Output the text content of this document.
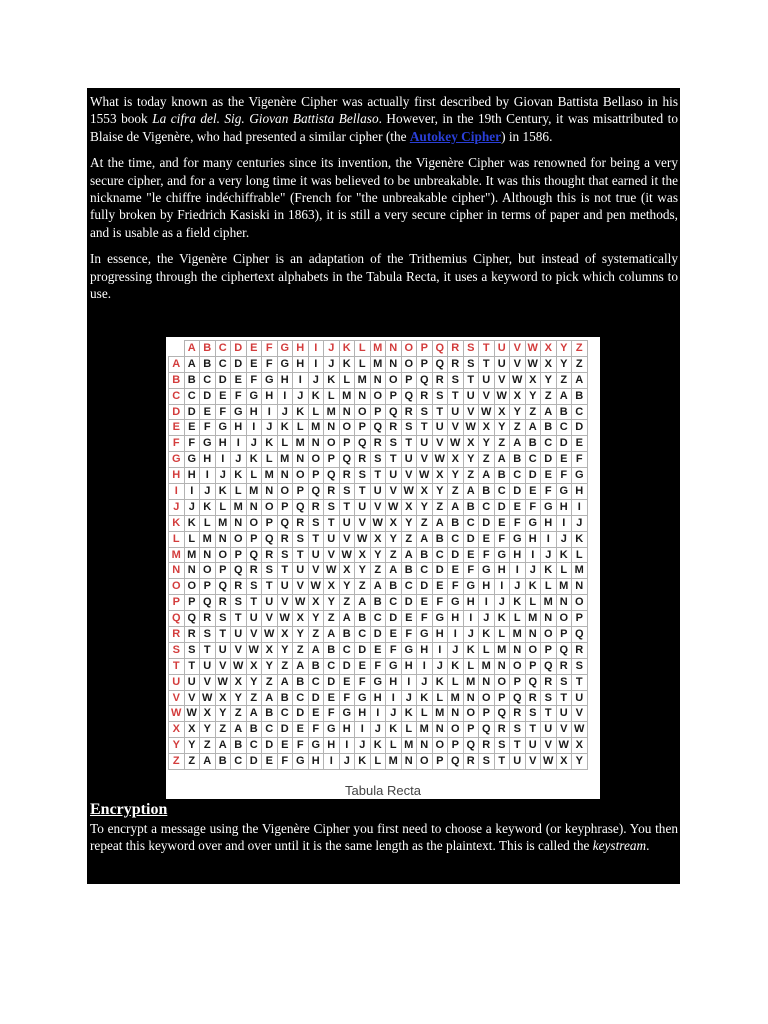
What is today known as the Vigenère Cipher was actually first described by Giovan Battista Bellaso in his 1553 book La cifra del. Sig. Giovan Battista Bellaso. However, in the 19th Century, it was misattributed to Blaise de Vigenère, who had presented a similar cipher (the Autokey Cipher) in 1586.

At the time, and for many centuries since its invention, the Vigenère Cipher was renowned for being a very secure cipher, and for a very long time it was believed to be unbreakable. It was this thought that earned it the nickname "le chiffre indéchiffrable" (French for "the unbreakable cipher"). Although this is not true (it was fully broken by Friedrich Kasiski in 1863), it is still a very secure cipher in terms of paper and pen methods, and is usable as a field cipher.

In essence, the Vigenère Cipher is an adaptation of the Trithemius Cipher, but instead of systematically progressing through the ciphertext alphabets in the Tabula Recta, it uses a keyword to pick which columns to use.

	A	B	C	D	E	F	G	H	I	J	K	L	M	N	O	P	Q	R	S	T	U	V	W	X	Y	Z
A	A	B	C	D	E	F	G	H	I	J	K	L	M	N	O	P	Q	R	S	T	U	V	W	X	Y	Z
B	B	C	D	E	F	G	H	I	J	K	L	M	N	O	P	Q	R	S	T	U	V	W	X	Y	Z	A
C	C	D	E	F	G	H	I	J	K	L	M	N	O	P	Q	R	S	T	U	V	W	X	Y	Z	A	B
D	D	E	F	G	H	I	J	K	L	M	N	O	P	Q	R	S	T	U	V	W	X	Y	Z	A	B	C
E	E	F	G	H	I	J	K	L	M	N	O	P	Q	R	S	T	U	V	W	X	Y	Z	A	B	C	D
F	F	G	H	I	J	K	L	M	N	O	P	Q	R	S	T	U	V	W	X	Y	Z	A	B	C	D	E
G	G	H	I	J	K	L	M	N	O	P	Q	R	S	T	U	V	W	X	Y	Z	A	B	C	D	E	F
H	H	I	J	K	L	M	N	O	P	Q	R	S	T	U	V	W	X	Y	Z	A	B	C	D	E	F	G
I	I	J	K	L	M	N	O	P	Q	R	S	T	U	V	W	X	Y	Z	A	B	C	D	E	F	G	H
J	J	K	L	M	N	O	P	Q	R	S	T	U	V	W	X	Y	Z	A	B	C	D	E	F	G	H	I
K	K	L	M	N	O	P	Q	R	S	T	U	V	W	X	Y	Z	A	B	C	D	E	F	G	H	I	J
L	L	M	N	O	P	Q	R	S	T	U	V	W	X	Y	Z	A	B	C	D	E	F	G	H	I	J	K
M	M	N	O	P	Q	R	S	T	U	V	W	X	Y	Z	A	B	C	D	E	F	G	H	I	J	K	L
N	N	O	P	Q	R	S	T	U	V	W	X	Y	Z	A	B	C	D	E	F	G	H	I	J	K	L	M
O	O	P	Q	R	S	T	U	V	W	X	Y	Z	A	B	C	D	E	F	G	H	I	J	K	L	M	N
P	P	Q	R	S	T	U	V	W	X	Y	Z	A	B	C	D	E	F	G	H	I	J	K	L	M	N	O
Q	Q	R	S	T	U	V	W	X	Y	Z	A	B	C	D	E	F	G	H	I	J	K	L	M	N	O	P
R	R	S	T	U	V	W	X	Y	Z	A	B	C	D	E	F	G	H	I	J	K	L	M	N	O	P	Q
S	S	T	U	V	W	X	Y	Z	A	B	C	D	E	F	G	H	I	J	K	L	M	N	O	P	Q	R
T	T	U	V	W	X	Y	Z	A	B	C	D	E	F	G	H	I	J	K	L	M	N	O	P	Q	R	S
U	U	V	W	X	Y	Z	A	B	C	D	E	F	G	H	I	J	K	L	M	N	O	P	Q	R	S	T
V	V	W	X	Y	Z	A	B	C	D	E	F	G	H	I	J	K	L	M	N	O	P	Q	R	S	T	U
W	W	X	Y	Z	A	B	C	D	E	F	G	H	I	J	K	L	M	N	O	P	Q	R	S	T	U	V
X	X	Y	Z	A	B	C	D	E	F	G	H	I	J	K	L	M	N	O	P	Q	R	S	T	U	V	W
Y	Y	Z	A	B	C	D	E	F	G	H	I	J	K	L	M	N	O	P	Q	R	S	T	U	V	W	X
Z	Z	A	B	C	D	E	F	G	H	I	J	K	L	M	N	O	P	Q	R	S	T	U	V	W	X	Y
Tabula Recta
Encryption

To encrypt a message using the Vigenère Cipher you first need to choose a keyword (or keyphrase). You then repeat this keyword over and over until it is the same length as the plaintext. This is called the keystream.
